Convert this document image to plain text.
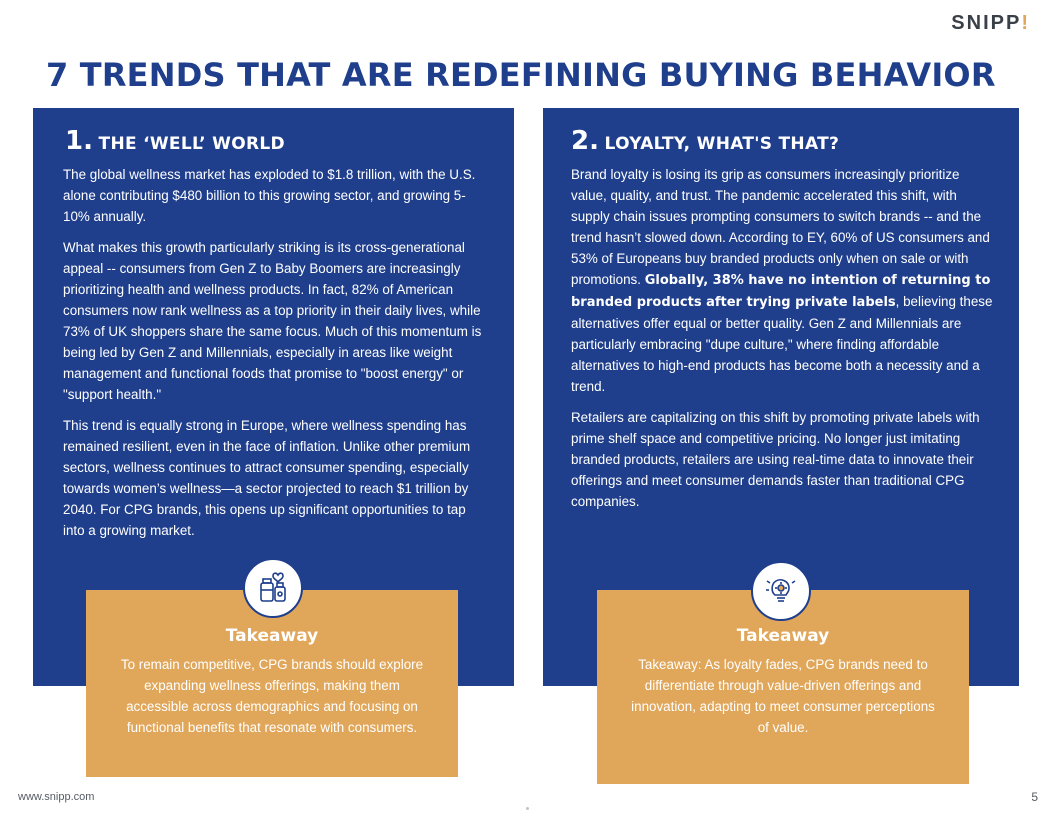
SNIPP!
7 TRENDS THAT ARE REDEFINING BUYING BEHAVIOR
1. THE ‘WELL’ WORLD

The global wellness market has exploded to $1.8 trillion, with the U.S. alone contributing $480 billion to this growing sector, and growing 5-10% annually.

What makes this growth particularly striking is its cross-generational appeal -- consumers from Gen Z to Baby Boomers are increasingly prioritizing health and wellness products. In fact, 82% of American consumers now rank wellness as a top priority in their daily lives, while 73% of UK shoppers share the same focus. Much of this momentum is being led by Gen Z and Millennials, especially in areas like weight management and functional foods that promise to "boost energy" or "support health."

This trend is equally strong in Europe, where wellness spending has remained resilient, even in the face of inflation. Unlike other premium sectors, wellness continues to attract consumer spending, especially towards women’s wellness—a sector projected to reach $1 trillion by 2040. For CPG brands, this opens up significant opportunities to tap into a growing market.

Takeaway

To remain competitive, CPG brands should explore expanding wellness offerings, making them accessible across demographics and focusing on functional benefits that resonate with consumers.

2. LOYALTY, WHAT'S THAT?

Brand loyalty is losing its grip as consumers increasingly prioritize value, quality, and trust. The pandemic accelerated this shift, with supply chain issues prompting consumers to switch brands -- and the trend hasn’t slowed down. According to EY, 60% of US consumers and 53% of Europeans buy branded products only when on sale or with promotions. Globally, 38% have no intention of returning to branded products after trying private labels, believing these alternatives offer equal or better quality. Gen Z and Millennials are particularly embracing "dupe culture," where finding affordable alternatives to high-end products has become both a necessity and a trend.

Retailers are capitalizing on this shift by promoting private labels with prime shelf space and competitive pricing. No longer just imitating branded products, retailers are using real-time data to innovate their offerings and meet consumer demands faster than traditional CPG companies.

Takeaway

Takeaway: As loyalty fades, CPG brands need to differentiate through value-driven offerings and innovation, adapting to meet consumer perceptions of value.

www.snipp.com	5
